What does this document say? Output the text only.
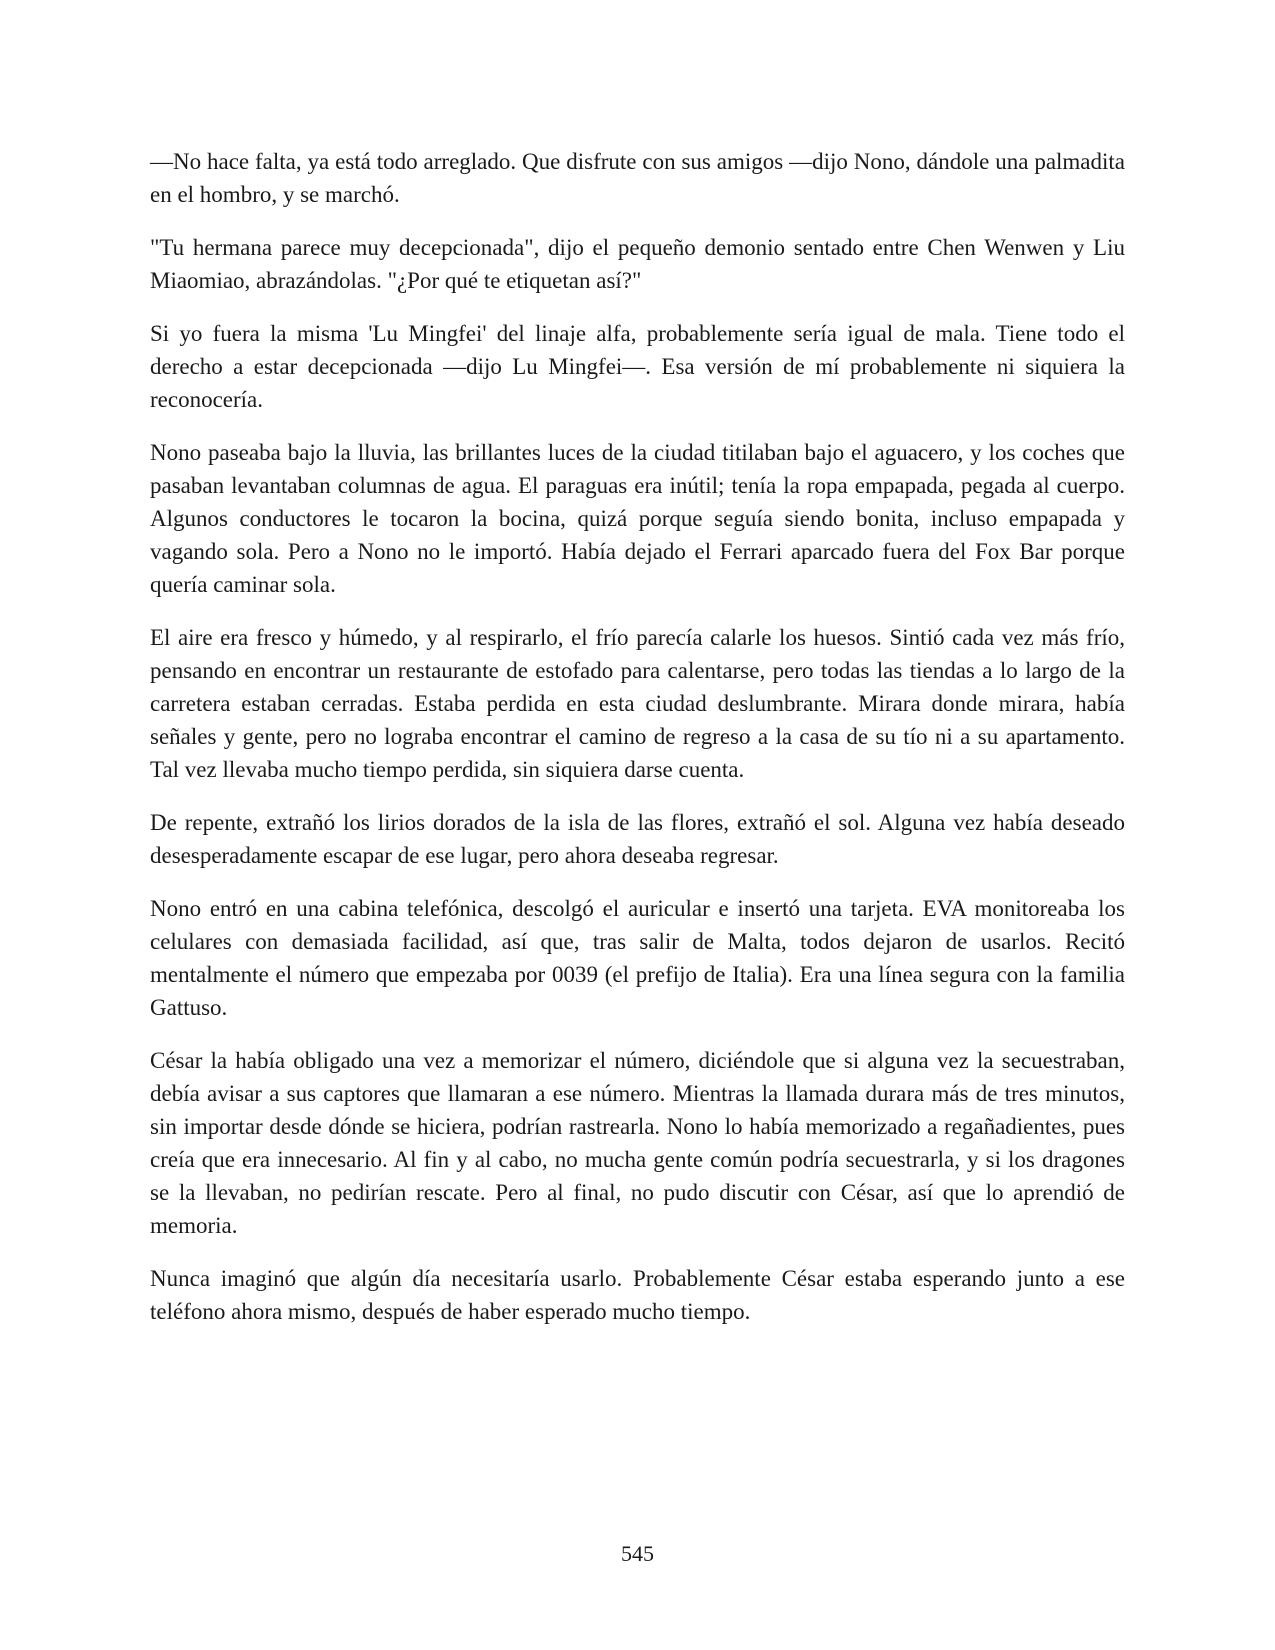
—No hace falta, ya está todo arreglado. Que disfrute con sus amigos —dijo Nono, dándole una palmadita en el hombro, y se marchó.

"Tu hermana parece muy decepcionada", dijo el pequeño demonio sentado entre Chen Wenwen y Liu Miaomiao, abrazándolas. "¿Por qué te etiquetan así?"

Si yo fuera la misma 'Lu Mingfei' del linaje alfa, probablemente sería igual de mala. Tiene todo el derecho a estar decepcionada —dijo Lu Mingfei—. Esa versión de mí probablemente ni siquiera la reconocería.

Nono paseaba bajo la lluvia, las brillantes luces de la ciudad titilaban bajo el aguacero, y los coches que pasaban levantaban columnas de agua. El paraguas era inútil; tenía la ropa empapada, pegada al cuerpo. Algunos conductores le tocaron la bocina, quizá porque seguía siendo bonita, incluso empapada y vagando sola. Pero a Nono no le importó. Había dejado el Ferrari aparcado fuera del Fox Bar porque quería caminar sola.

El aire era fresco y húmedo, y al respirarlo, el frío parecía calarle los huesos. Sintió cada vez más frío, pensando en encontrar un restaurante de estofado para calentarse, pero todas las tiendas a lo largo de la carretera estaban cerradas. Estaba perdida en esta ciudad deslumbrante. Mirara donde mirara, había señales y gente, pero no lograba encontrar el camino de regreso a la casa de su tío ni a su apartamento. Tal vez llevaba mucho tiempo perdida, sin siquiera darse cuenta.

De repente, extrañó los lirios dorados de la isla de las flores, extrañó el sol. Alguna vez había deseado desesperadamente escapar de ese lugar, pero ahora deseaba regresar.

Nono entró en una cabina telefónica, descolgó el auricular e insertó una tarjeta. EVA monitoreaba los celulares con demasiada facilidad, así que, tras salir de Malta, todos dejaron de usarlos. Recitó mentalmente el número que empezaba por 0039 (el prefijo de Italia). Era una línea segura con la familia Gattuso.

César la había obligado una vez a memorizar el número, diciéndole que si alguna vez la secuestraban, debía avisar a sus captores que llamaran a ese número. Mientras la llamada durara más de tres minutos, sin importar desde dónde se hiciera, podrían rastrearla. Nono lo había memorizado a regañadientes, pues creía que era innecesario. Al fin y al cabo, no mucha gente común podría secuestrarla, y si los dragones se la llevaban, no pedirían rescate. Pero al final, no pudo discutir con César, así que lo aprendió de memoria.

Nunca imaginó que algún día necesitaría usarlo. Probablemente César estaba esperando junto a ese teléfono ahora mismo, después de haber esperado mucho tiempo.

545
